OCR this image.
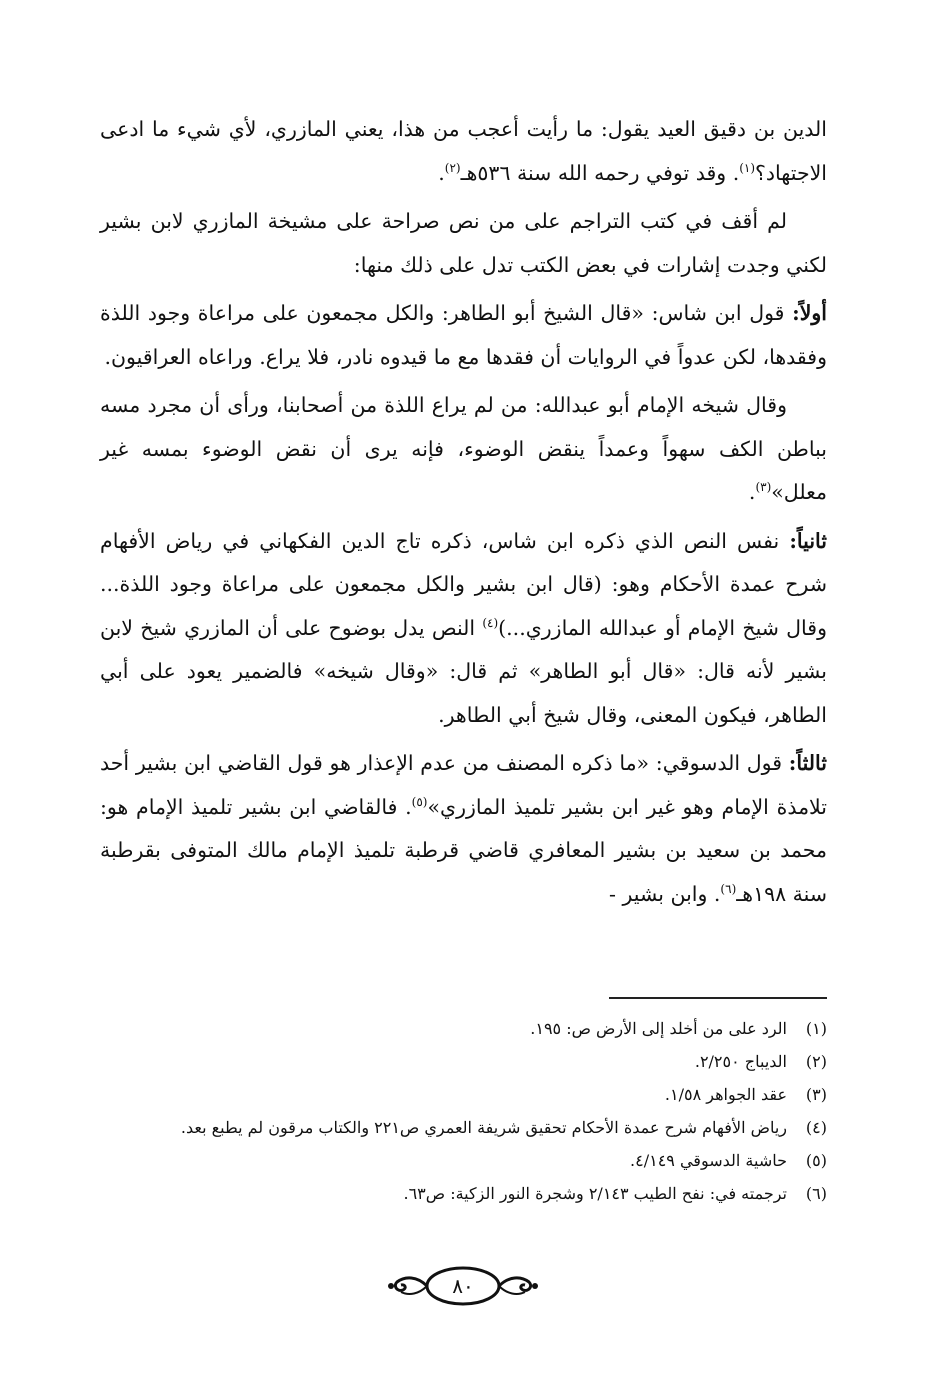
الدين بن دقيق العيد يقول: ما رأيت أعجب من هذا، يعني المازري، لأي شيء ما ادعى الاجتهاد؟$^{(١)}$. وقد توفي رحمه الله سنة ٥٣٦هـ$^{(٢)}$.

لم أقف في كتب التراجم على من نص صراحة على مشيخة المازري لابن بشير لكني وجدت إشارات في بعض الكتب تدل على ذلك منها:

أولاً: قول ابن شاس: «قال الشيخ أبو الطاهر: والكل مجمعون على مراعاة وجود اللذة وفقدها، لكن عدواً في الروايات أن فقدها مع ما قيدوه نادر، فلا يراع. وراعاه العراقيون.

وقال شيخه الإمام أبو عبدالله: من لم يراع اللذة من أصحابنا، ورأى أن مجرد مسه بباطن الكف سهواً وعمداً ينقض الوضوء، فإنه يرى أن نقض الوضوء بمسه غير معلل»$^{(٣)}$.

ثانياً: نفس النص الذي ذكره ابن شاس، ذكره تاج الدين الفكهاني في رياض الأفهام شرح عمدة الأحكام وهو: (قال ابن بشير والكل مجمعون على مراعاة وجود اللذة... وقال شيخ الإمام أو عبدالله المازري...)$^{(٤)}$ النص يدل بوضوح على أن المازري شيخ لابن بشير لأنه قال: «قال أبو الطاهر» ثم قال: «وقال شيخه» فالضمير يعود على أبي الطاهر، فيكون المعنى، وقال شيخ أبي الطاهر.

ثالثاً: قول الدسوقي: «ما ذكره المصنف من عدم الإعذار هو قول القاضي ابن بشير أحد تلامذة الإمام وهو غير ابن بشير تلميذ المازري»$^{(٥)}$. فالقاضي ابن بشير تلميذ الإمام هو: محمد بن سعيد بن بشير المعافري قاضي قرطبة تلميذ الإمام مالك المتوفى بقرطبة سنة ١٩٨هـ$^{(٦)}$. وابن بشير -

(١)
الرد على من أخلد إلى الأرض ص: ١٩٥.
(٢)
الديباج ٢/٢٥٠.
(٣)
عقد الجواهر ١/٥٨.
(٤)
رياض الأفهام شرح عمدة الأحكام تحقيق شريفة العمري ص٢٢١ والكتاب مرقون لم يطبع بعد.
(٥)
حاشية الدسوقي ٤/١٤٩.
(٦)
ترجمته في: نفح الطيب ٢/١٤٣ وشجرة النور الزكية: ص٦٣.
٨٠
